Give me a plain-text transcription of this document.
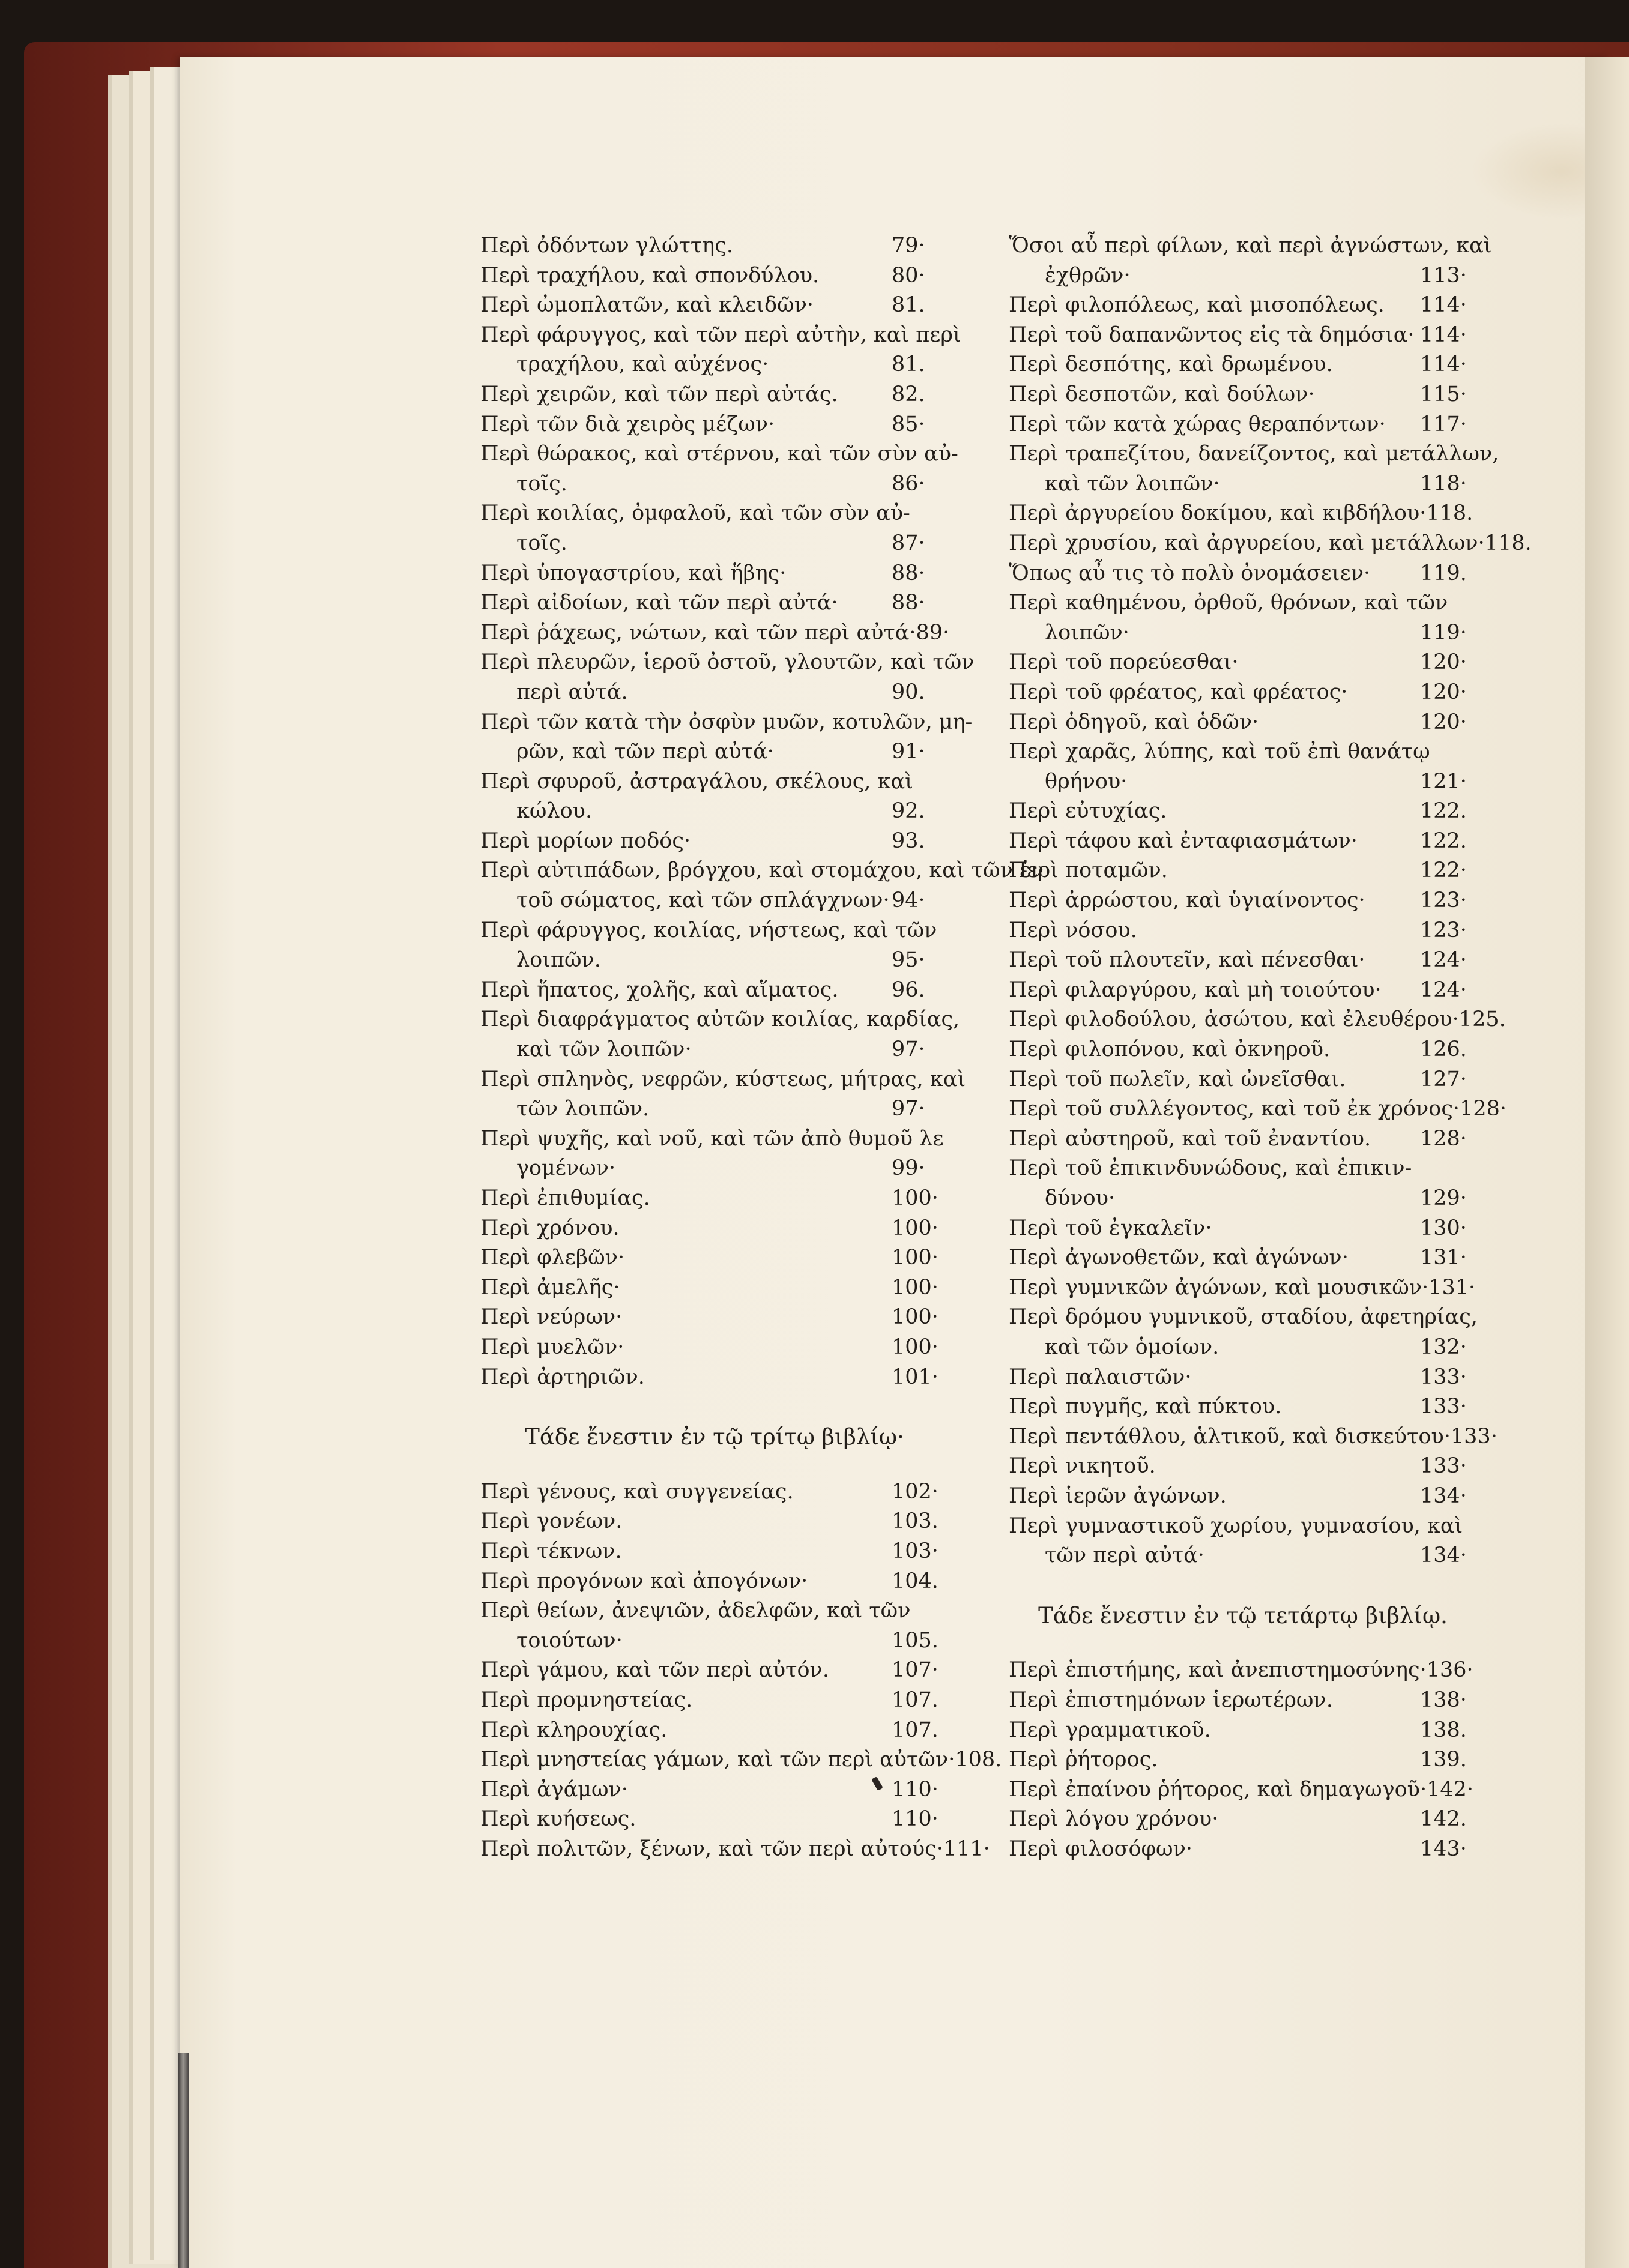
Περὶ ὀδόντων γλώττης.	79·
Περὶ τραχήλου, καὶ σπονδύλου.	80·
Περὶ ὠμοπλατῶν, καὶ κλειδῶν·	81.
Περὶ φάρυγγος, καὶ τῶν περὶ αὐτὴν, καὶ περὶ
τραχήλου, καὶ αὐχένος·	81.
Περὶ χειρῶν, καὶ τῶν περὶ αὐτάς.	82.
Περὶ τῶν διὰ χειρὸς μέζων·	85·
Περὶ θώρακος, καὶ στέρνου, καὶ τῶν σὺν αὐ-
τοῖς.	86·
Περὶ κοιλίας, ὀμφαλοῦ, καὶ τῶν σὺν αὐ-
τοῖς.	87·
Περὶ ὑπογαστρίου, καὶ ἥβης·	88·
Περὶ αἰδοίων, καὶ τῶν περὶ αὐτά·	88·
Περὶ ῥάχεως, νώτων, καὶ τῶν περὶ αὐτά· 89·
Περὶ πλευρῶν, ἱεροῦ ὀστοῦ, γλουτῶν, καὶ τῶν
περὶ αὐτά.	90.
Περὶ τῶν κατὰ τὴν ὀσφὺν μυῶν, κοτυλῶν, μη-
ρῶν, καὶ τῶν περὶ αὐτά·	91·
Περὶ σφυροῦ, ἀστραγάλου, σκέλους, καὶ
κώλου.	92.
Περὶ μορίων ποδός·	93.
Περὶ αὐτιπάδων, βρόγχου, καὶ στομάχου, καὶ τῶν ἐν
τοῦ σώματος, καὶ τῶν σπλάγχνων· 94·
Περὶ φάρυγγος, κοιλίας, νήστεως, καὶ τῶν
λοιπῶν.	95·
Περὶ ἥπατος, χολῆς, καὶ αἵματος.	96.
Περὶ διαφράγματος αὐτῶν κοιλίας, καρδίας,
καὶ τῶν λοιπῶν·	97·
Περὶ σπληνὸς, νεφρῶν, κύστεως, μήτρας, καὶ
τῶν λοιπῶν.	97·
Περὶ ψυχῆς, καὶ νοῦ, καὶ τῶν ἀπὸ θυμοῦ λε
γομένων·	99·
Περὶ ἐπιθυμίας.	100·
Περὶ χρόνου.	100·
Περὶ φλεβῶν·	100·
Περὶ ἀμελῆς·	100·
Περὶ νεύρων·	100·
Περὶ μυελῶν·	100·
Περὶ ἀρτηριῶν.	101·
Τάδε ἔνεστιν ἐν τῷ τρίτῳ βιβλίῳ·
Περὶ γένους, καὶ συγγενείας.	102·
Περὶ γονέων.	103.
Περὶ τέκνων.	103·
Περὶ προγόνων καὶ ἀπογόνων·	104.
Περὶ θείων, ἀνεψιῶν, ἀδελφῶν, καὶ τῶν
τοιούτων·	105.
Περὶ γάμου, καὶ τῶν περὶ αὐτόν.	107·
Περὶ προμνηστείας.	107.
Περὶ κληρουχίας.	107.
Περὶ μνηστείας γάμων, καὶ τῶν περὶ αὐτῶν· 108.
Περὶ ἀγάμων·	110·
Περὶ κυήσεως.	110·
Περὶ πολιτῶν, ξένων, καὶ τῶν περὶ αὐτούς· 111·
Ὅσοι αὖ περὶ φίλων, καὶ περὶ ἀγνώστων, καὶ
ἐχθρῶν·	113·
Περὶ φιλοπόλεως, καὶ μισοπόλεως.	114·
Περὶ τοῦ δαπανῶντος εἰς τὰ δημόσια· 114·
Περὶ δεσπότης, καὶ δρωμένου.	114·
Περὶ δεσποτῶν, καὶ δούλων·	115·
Περὶ τῶν κατὰ χώρας θεραπόντων·	117·
Περὶ τραπεζίτου, δανείζοντος, καὶ μετάλλων,
καὶ τῶν λοιπῶν·	118·
Περὶ ἀργυρείου δοκίμου, καὶ κιβδήλου· 118.
Περὶ χρυσίου, καὶ ἀργυρείου, καὶ μετάλλων· 118.
Ὅπως αὖ τις τὸ πολὺ ὀνομάσειεν·	119.
Περὶ καθημένου, ὀρθοῦ, θρόνων, καὶ τῶν
λοιπῶν·	119·
Περὶ τοῦ πορεύεσθαι·	120·
Περὶ τοῦ φρέατος, καὶ φρέατος·	120·
Περὶ ὁδηγοῦ, καὶ ὁδῶν·	120·
Περὶ χαρᾶς, λύπης, καὶ τοῦ ἐπὶ θανάτῳ
θρήνου·	121·
Περὶ εὐτυχίας.	122.
Περὶ τάφου καὶ ἐνταφιασμάτων·	122.
Περὶ ποταμῶν.	122·
Περὶ ἀρρώστου, καὶ ὑγιαίνοντος·	123·
Περὶ νόσου.	123·
Περὶ τοῦ πλουτεῖν, καὶ πένεσθαι·	124·
Περὶ φιλαργύρου, καὶ μὴ τοιούτου·	124·
Περὶ φιλοδούλου, ἀσώτου, καὶ ἐλευθέρου· 125.
Περὶ φιλοπόνου, καὶ ὀκνηροῦ.	126.
Περὶ τοῦ πωλεῖν, καὶ ὠνεῖσθαι.	127·
Περὶ τοῦ συλλέγοντος, καὶ τοῦ ἐκ χρόνος· 128·
Περὶ αὐστηροῦ, καὶ τοῦ ἐναντίου.	128·
Περὶ τοῦ ἐπικινδυνώδους, καὶ ἐπικιν-
δύνου·	129·
Περὶ τοῦ ἐγκαλεῖν·	130·
Περὶ ἀγωνοθετῶν, καὶ ἀγώνων·	131·
Περὶ γυμνικῶν ἀγώνων, καὶ μουσικῶν· 131·
Περὶ δρόμου γυμνικοῦ, σταδίου, ἀφετηρίας,
καὶ τῶν ὁμοίων.	132·
Περὶ παλαιστῶν·	133·
Περὶ πυγμῆς, καὶ πύκτου.	133·
Περὶ πεντάθλου, ἁλτικοῦ, καὶ δισκεύτου· 133·
Περὶ νικητοῦ.	133·
Περὶ ἱερῶν ἀγώνων.	134·
Περὶ γυμναστικοῦ χωρίου, γυμνασίου, καὶ
τῶν περὶ αὐτά·	134·
Τάδε ἔνεστιν ἐν τῷ τετάρτῳ βιβλίῳ.
Περὶ ἐπιστήμης, καὶ ἀνεπιστημοσύνης· 136·
Περὶ ἐπιστημόνων ἱερωτέρων.	138·
Περὶ γραμματικοῦ.	138.
Περὶ ῥήτορος.	139.
Περὶ ἐπαίνου ῥήτορος, καὶ δημαγωγοῦ· 142·
Περὶ λόγου χρόνου·	142.
Περὶ φιλοσόφων·	143·
